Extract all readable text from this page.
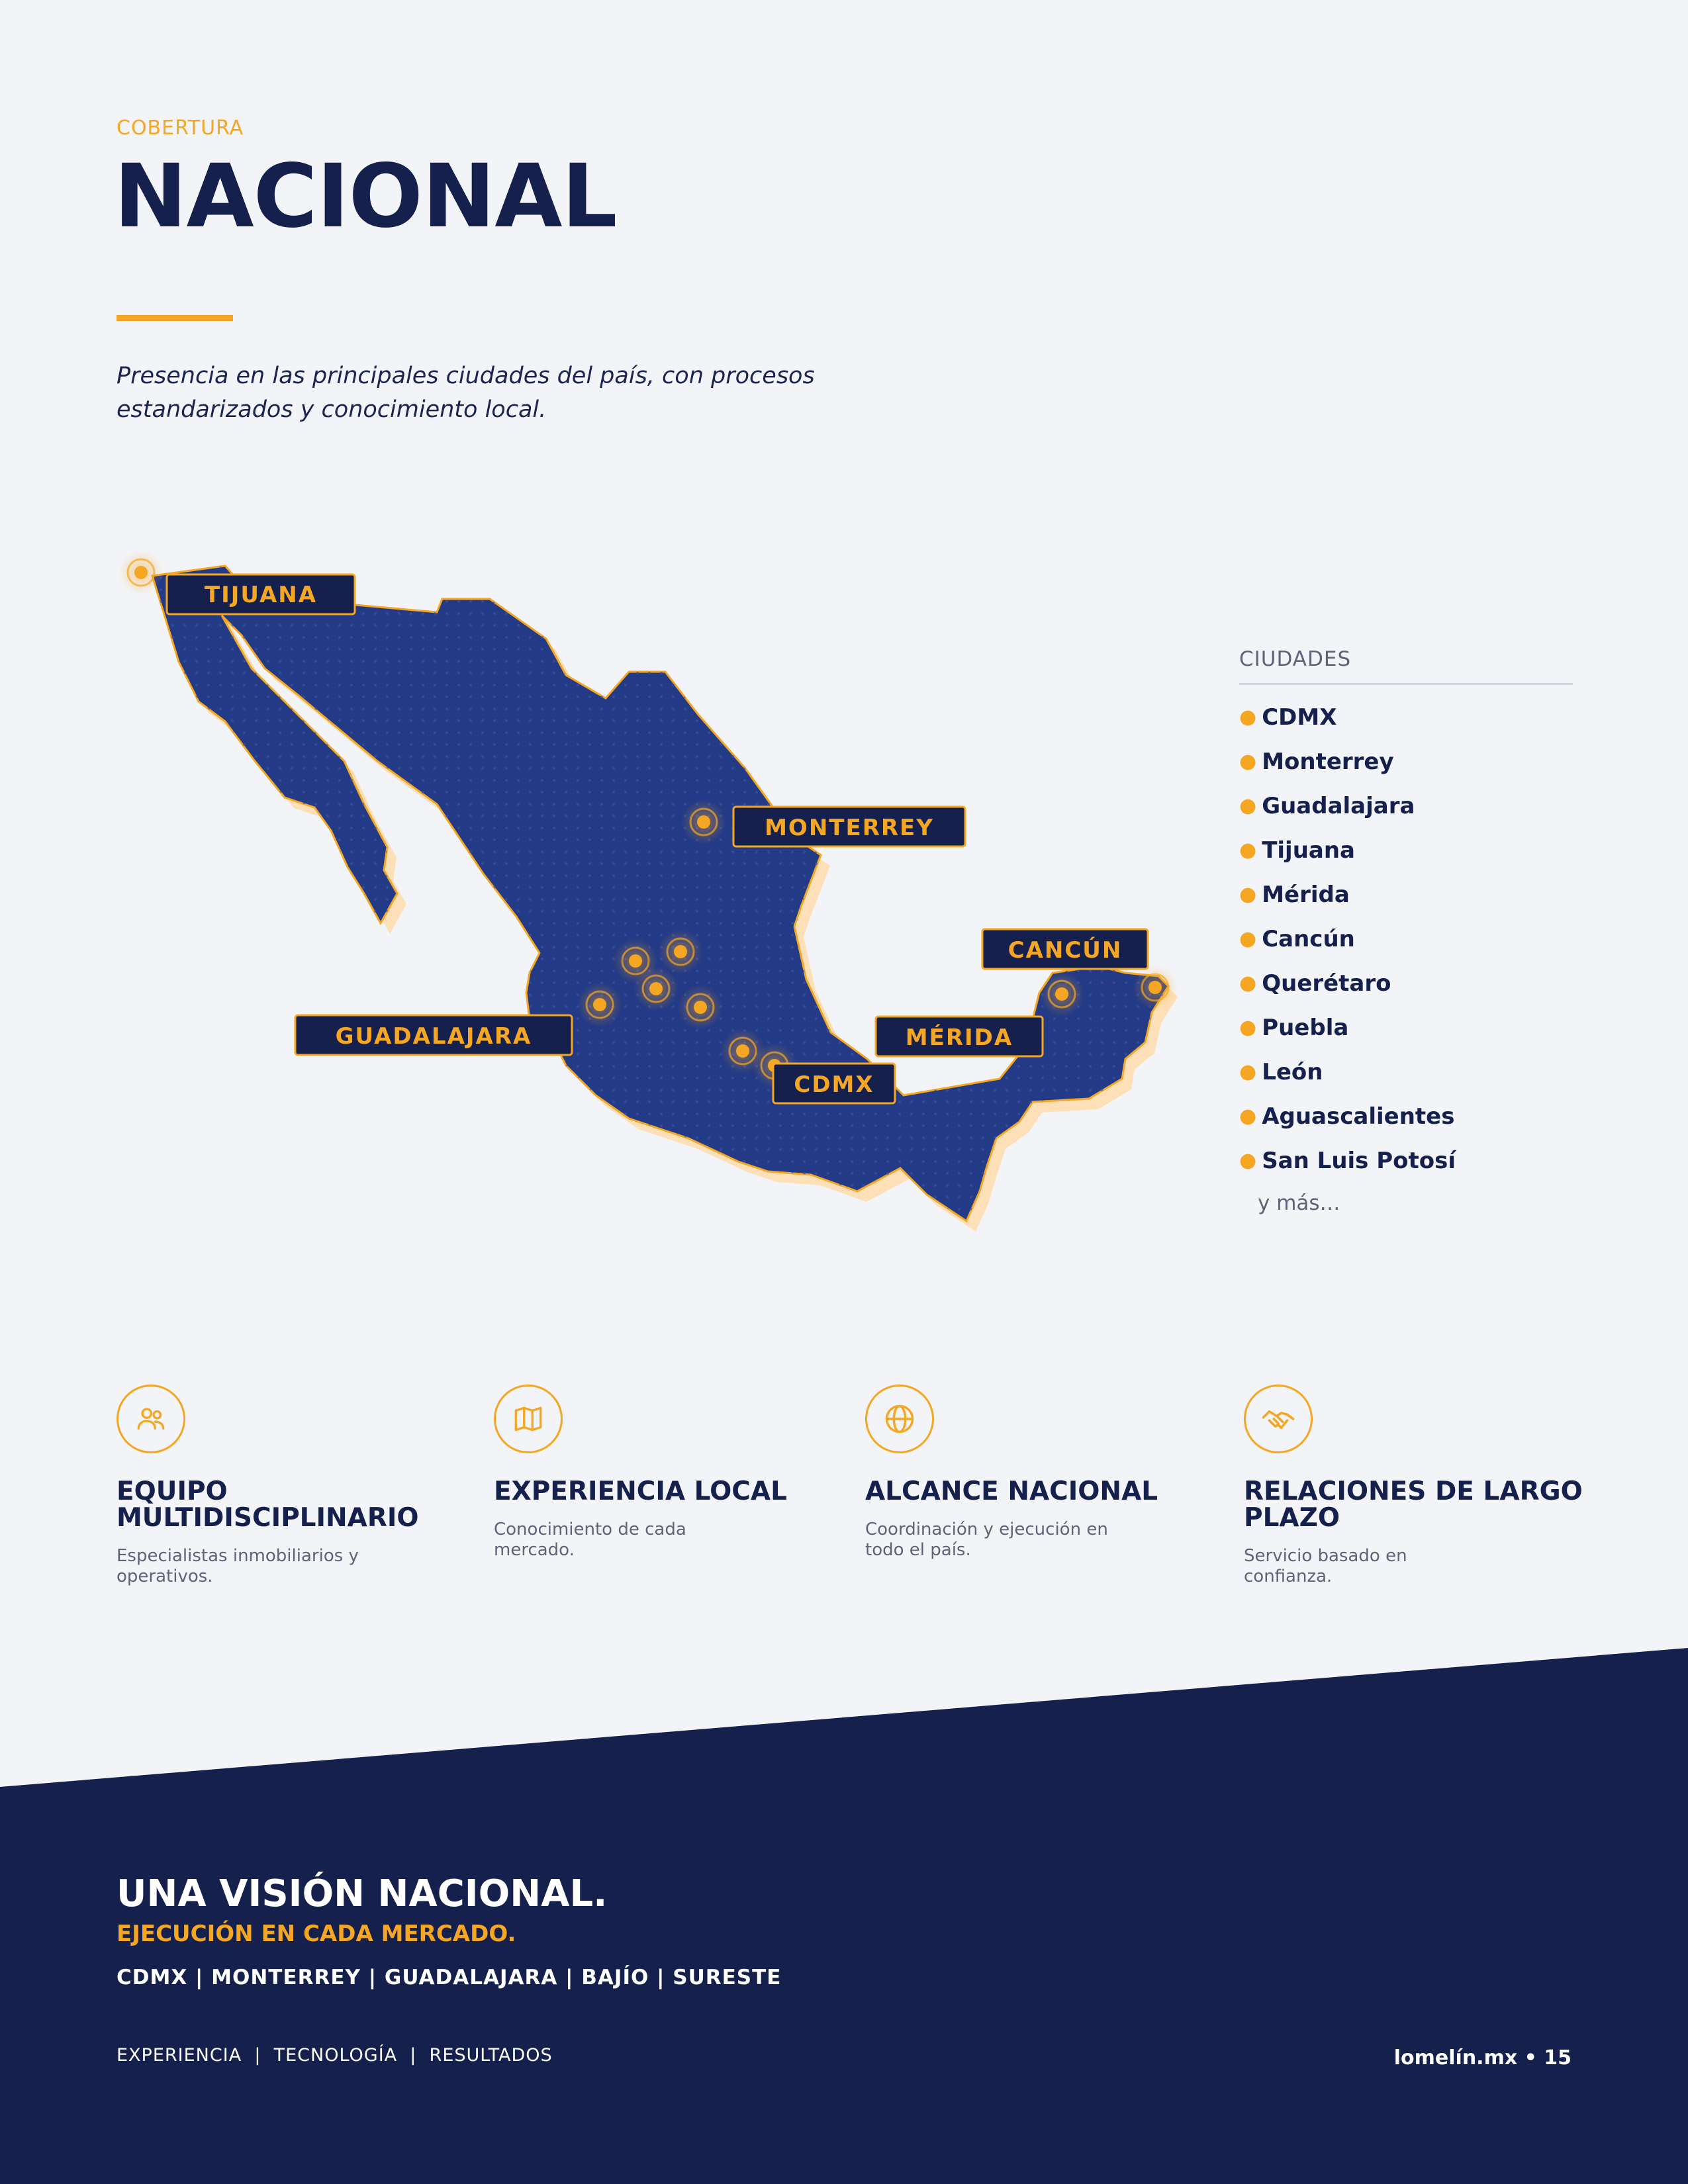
COBERTURA
NACIONAL
Presencia en las principales ciudades del país, con procesos
estandarizados y conocimiento local.
TIJUANA
MONTERREY
CANCÚN
GUADALAJARA	MÉRIDA
CDMX
CIUDADES
● CDMX
● Monterrey
● Guadalajara
● Tijuana
● Mérida
● Cancún
● Querétaro
● Puebla
● León
● Aguascalientes
● San Luis Potosí
y más…
EQUIPO
MULTIDISCIPLINARIO
Especialistas inmobiliarios y
operativos.
EXPERIENCIA LOCAL
Conocimiento de cada
mercado.
ALCANCE NACIONAL
Coordinación y ejecución en
todo el país.
RELACIONES DE LARGO
PLAZO
Servicio basado en
confianza.
UNA VISIÓN NACIONAL.
EJECUCIÓN EN CADA MERCADO.
CDMX | MONTERREY | GUADALAJARA | BAJÍO | SURESTE
EXPERIENCIA  |  TECNOLOGÍA  |  RESULTADOS	lomelín.mx • 15
